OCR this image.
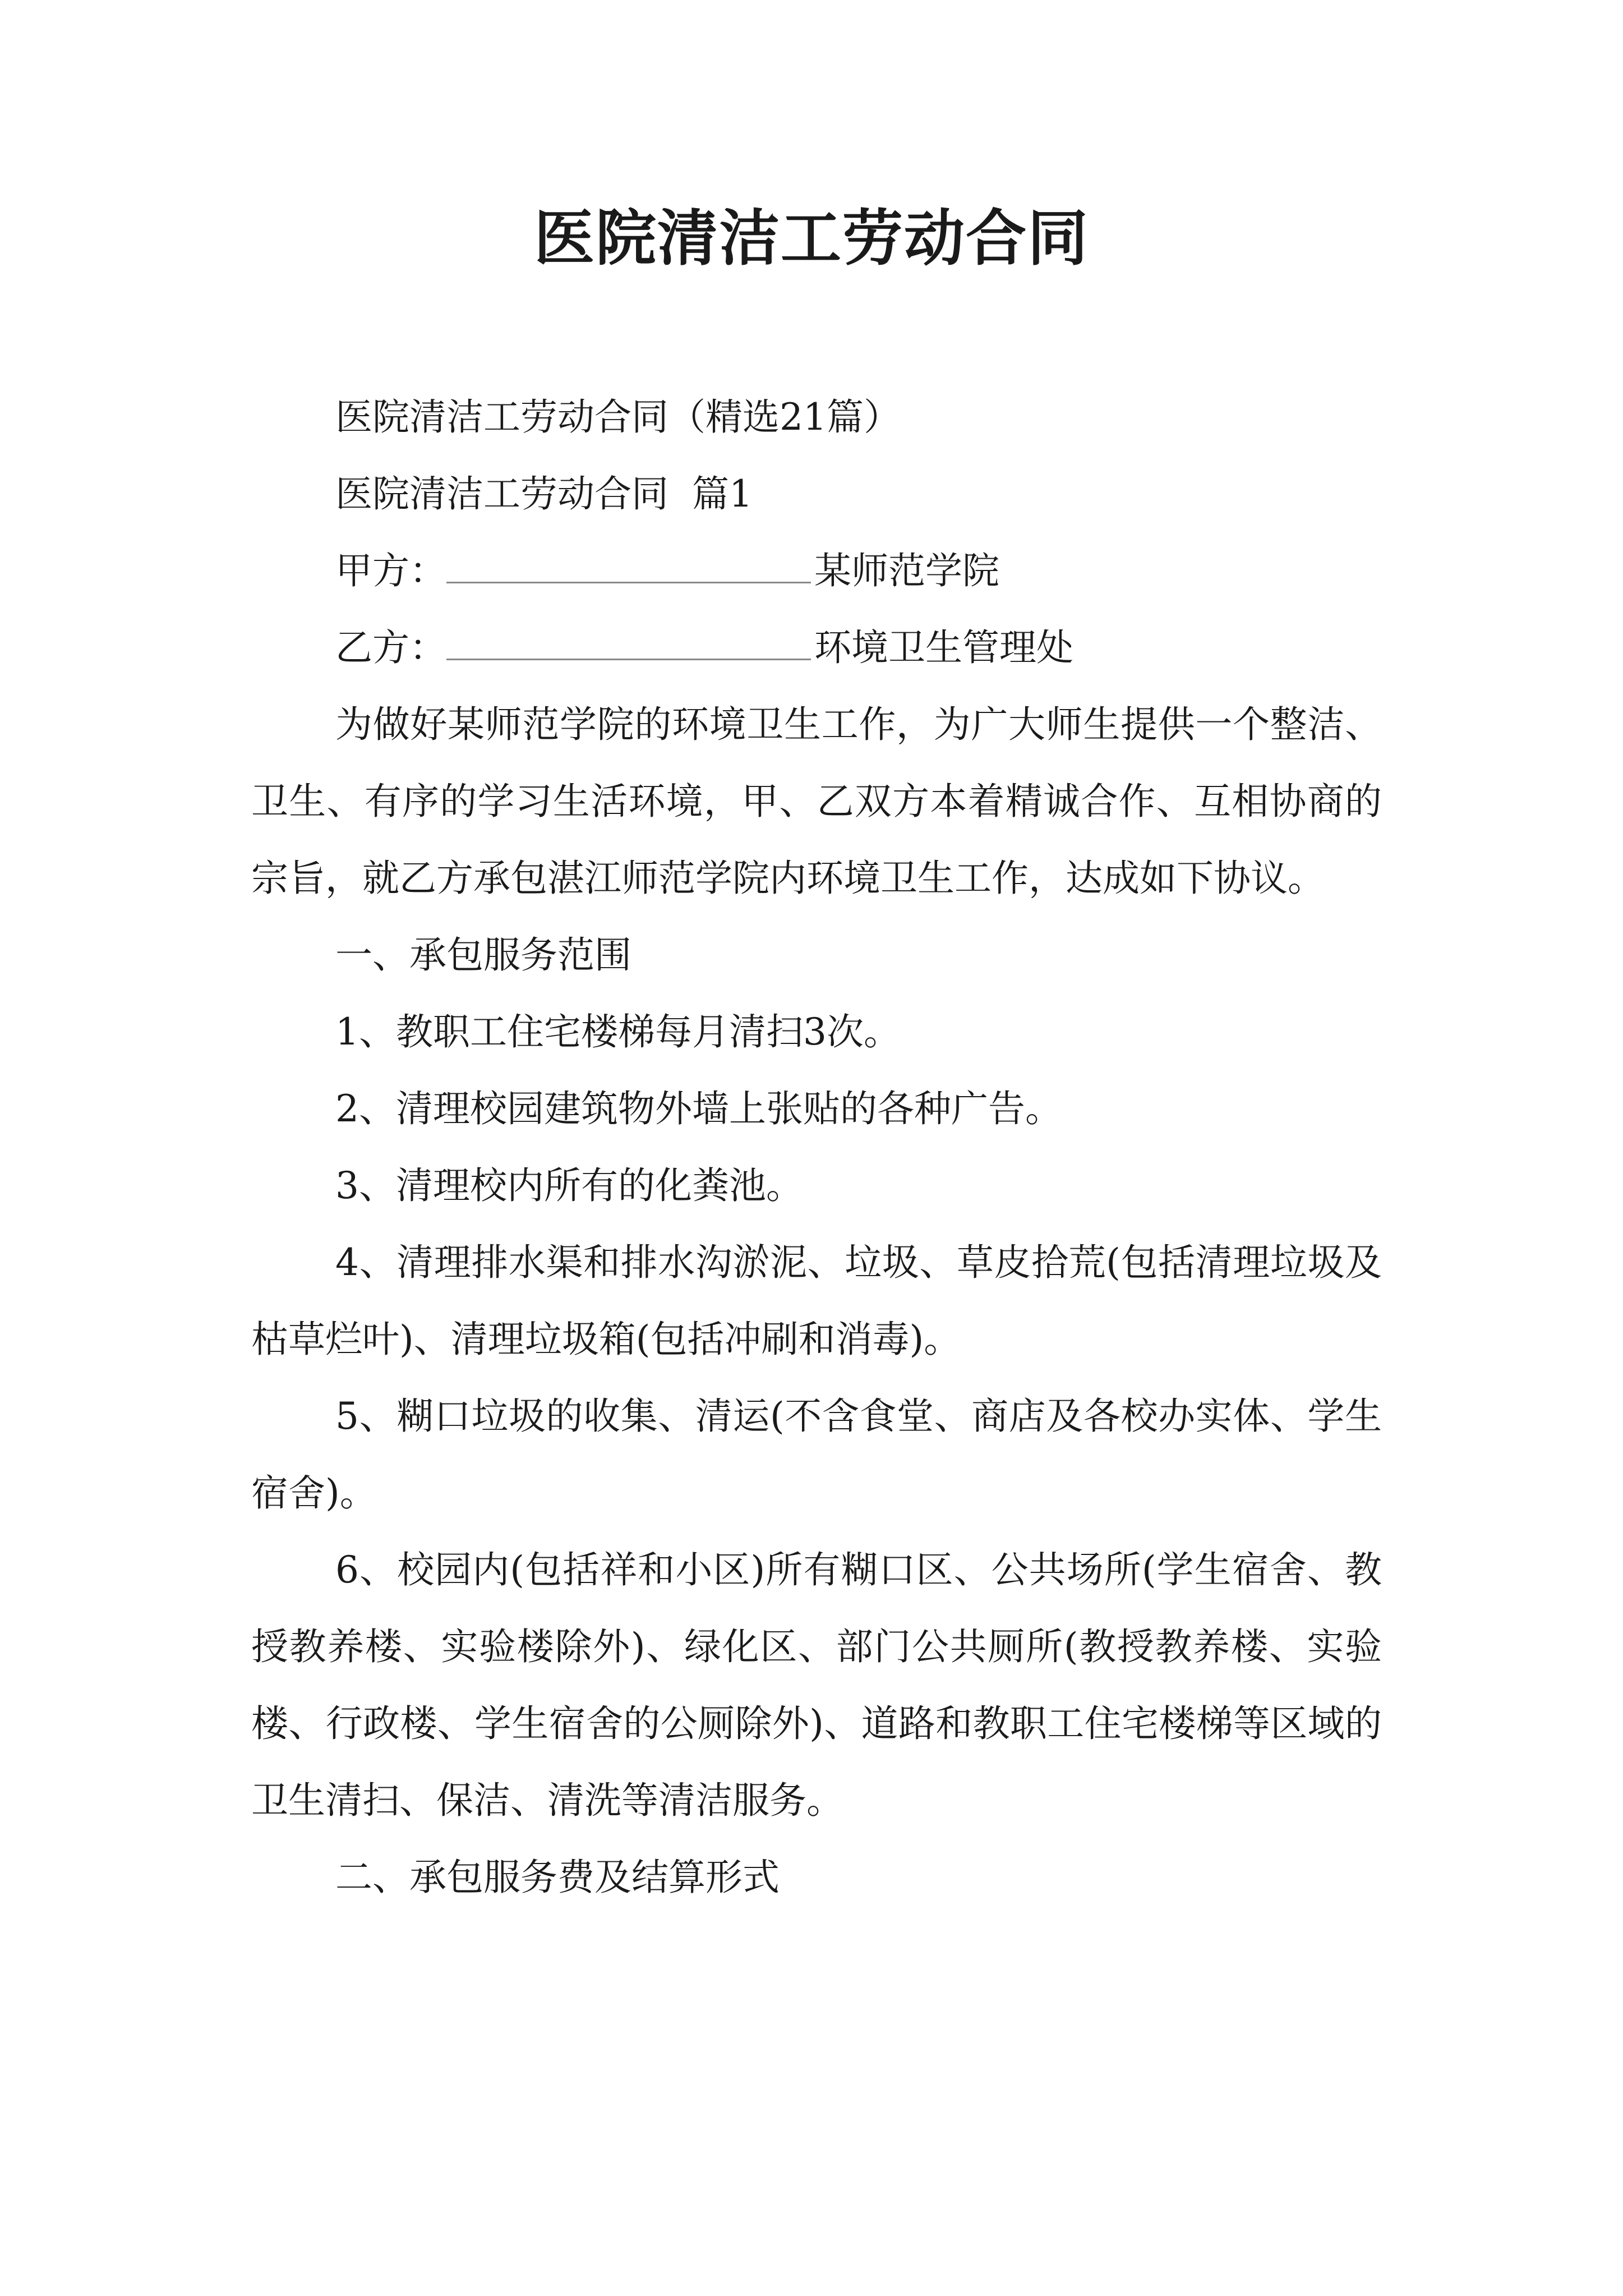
医院清洁工劳动合同

医院清洁工劳动合同（精选21篇）

医院清洁工劳动合同  篇1

甲方：	某师范学院

乙方：	环境卫生管理处

为做好某师范学院的环境卫生工作，为广大师生提供一个整洁、卫生、有序的学习生活环境，甲、乙双方本着精诚合作、互相协商的宗旨，就乙方承包湛江师范学院内环境卫生工作，达成如下协议。

一、承包服务范围

1、教职工住宅楼梯每月清扫3次。

2、清理校园建筑物外墙上张贴的各种广告。

3、清理校内所有的化粪池。

4、清理排水渠和排水沟淤泥、垃圾、草皮拾荒(包括清理垃圾及枯草烂叶)、清理垃圾箱(包括冲刷和消毒)。

5、糊口垃圾的收集、清运(不含食堂、商店及各校办实体、学生宿舍)。

6、校园内(包括祥和小区)所有糊口区、公共场所(学生宿舍、教授教养楼、实验楼除外)、绿化区、部门公共厕所(教授教养楼、实验楼、行政楼、学生宿舍的公厕除外)、道路和教职工住宅楼梯等区域的卫生清扫、保洁、清洗等清洁服务。

二、承包服务费及结算形式
